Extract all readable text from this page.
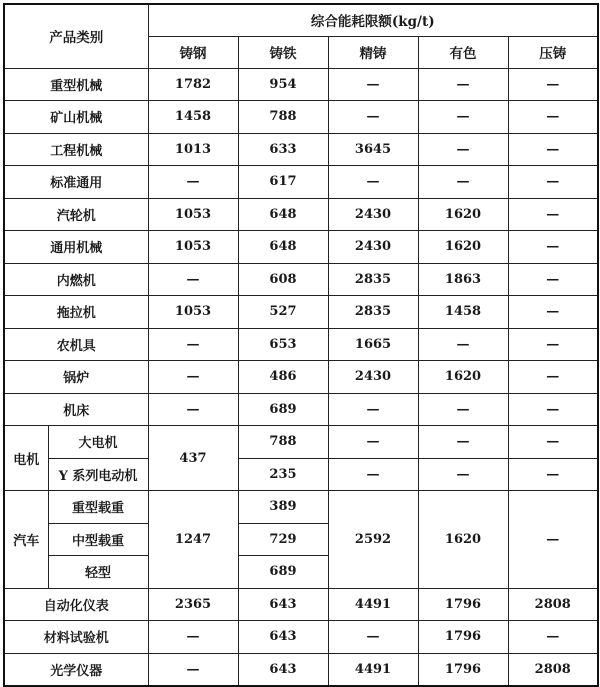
产品类别		综合能耗限额(kg/t)				
		铸钢	铸铁	精铸	有色	压铸
重型机械		1782	954	—	—	—
矿山机械		1458	788	—	—	—
工程机械		1013	633	3645	—	—
标准通用		—	617	—	—	—
汽轮机		1053	648	2430	1620	—
通用机械		1053	648	2430	1620	—
内燃机		—	608	2835	1863	—
拖拉机		1053	527	2835	1458	—
农机具		—	653	1665	—	—
锅炉		—	486	2430	1620	—
机床		—	689	—	—	—
电机	大电机	437	788	—	—	—
	Y 系列电动机		235	—	—	—
汽车	重型载重	1247	389	2592	1620	—
	中型载重		729			
	轻型		689			
自动化仪表		2365	643	4491	1796	2808
材料试验机		—	643	—	1796	—
光学仪器		—	643	4491	1796	2808
